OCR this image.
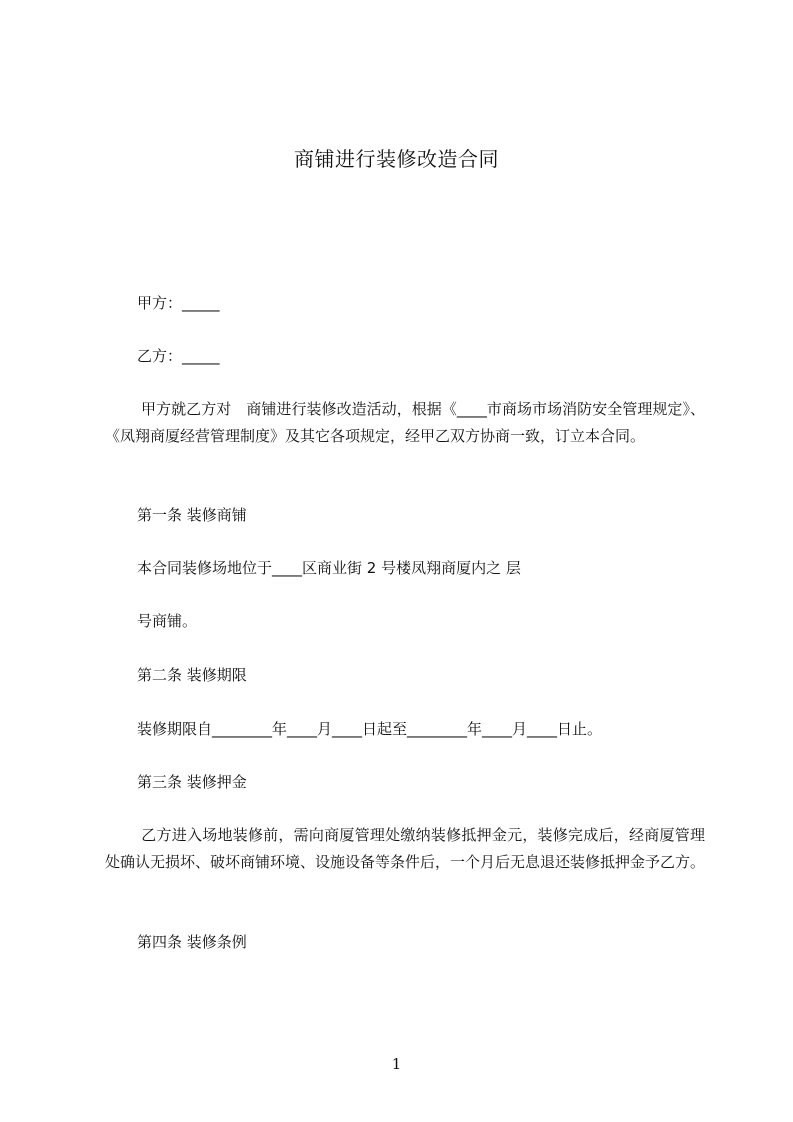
商铺进行装修改造合同
甲方：_____
乙方：_____
甲方就乙方对　商铺进行装修改造活动，根据《____市商场市场消防安全管理规定》、《凤翔商厦经营管理制度》及其它各项规定，经甲乙双方协商一致，订立本合同。
第一条 装修商铺
本合同装修场地位于____区商业街 2 号楼凤翔商厦内之 层
号商铺。
第二条 装修期限
装修期限自________年____月____日起至________年____月____日止。
第三条 装修押金
乙方进入场地装修前，需向商厦管理处缴纳装修抵押金元，装修完成后，经商厦管理处确认无损坏、破坏商铺环境、设施设备等条件后，一个月后无息退还装修抵押金予乙方。
第四条 装修条例
1
